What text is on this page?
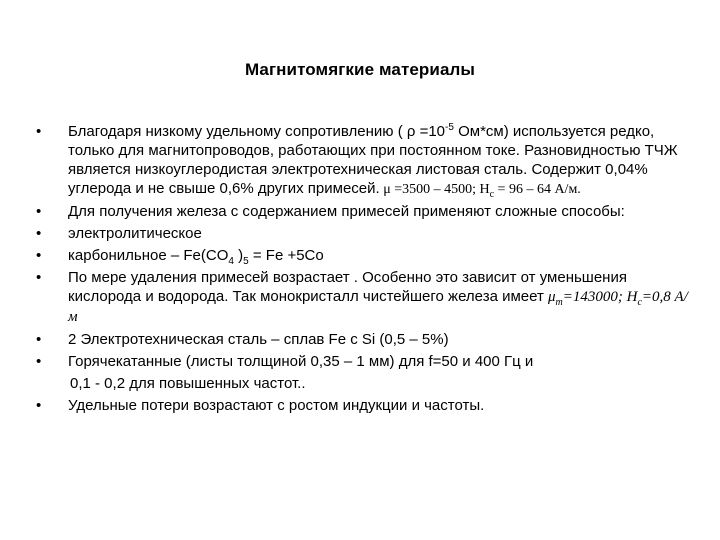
Магнитомягкие материалы
• Благодаря низкому удельному сопротивлению ( $\rho =10^{-5}$ Ом*см) используется редко, только для магнитопроводов, работающих при постоянном токе. Разновидностью ТЧЖ является низкоуглеродистая электротехническая листовая сталь. Содержит 0,04% углерода и не свыше 0,6% других примесей. μ =3500 – 4500; $H_c = 96 - 64$ А/м.
• Для получения железа с содержанием примесей применяют сложные способы:
• электролитическое
• карбонильное – $Fe(CO_4$ )$_5 = Fe +5Co$
• По мере удаления примесей возрастает . Особенно это зависит от уменьшения кислорода и водорода. Так монокристалл чистейшего железа имеет $\mu_m=143000$; $H_c=0,8$ А/м
• 2 Электротехническая сталь – сплав Fe с Si (0,5 – 5%)
• Горячекатанные (листы толщиной 0,35 – 1 мм) для f=50 и 400 Гц и
0,1 - 0,2 для повышенных частот..
• Удельные потери возрастают с ростом индукции и частоты.
